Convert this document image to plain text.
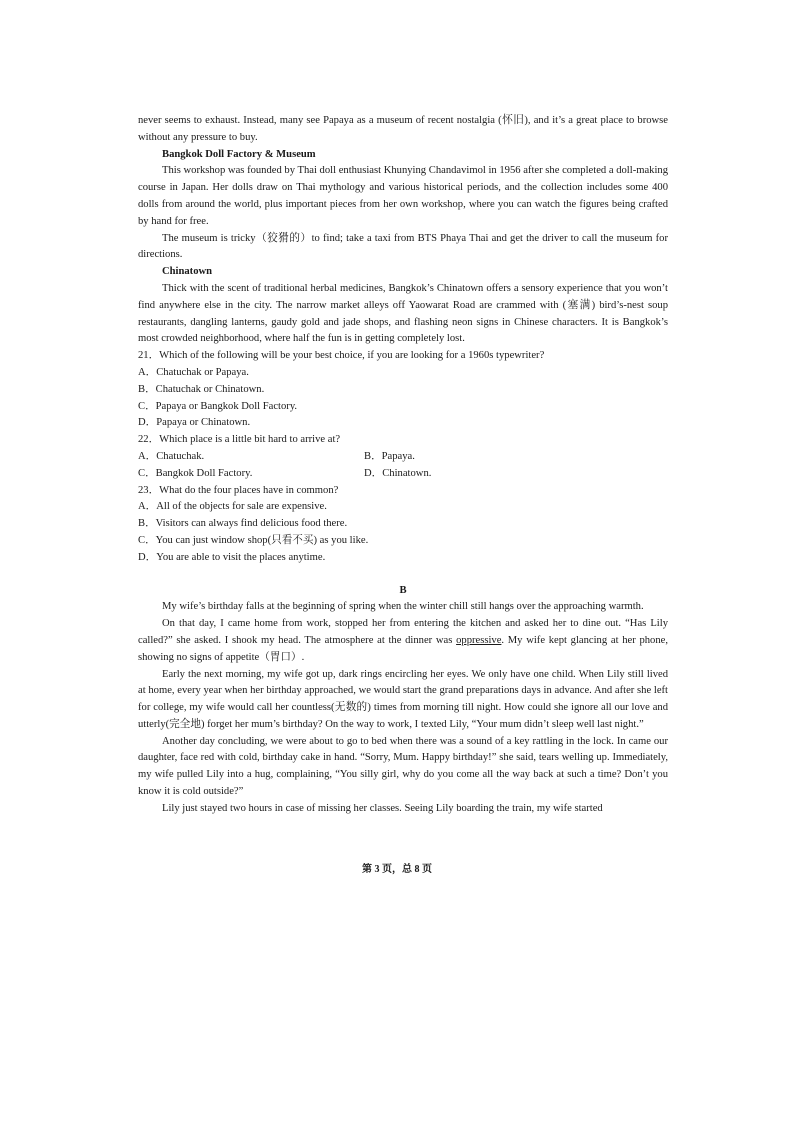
never seems to exhaust. Instead, many see Papaya as a museum of recent nostalgia (怀旧), and it’s a great place to browse without any pressure to buy.

Bangkok Doll Factory & Museum

This workshop was founded by Thai doll enthusiast Khunying Chandavimol in 1956 after she completed a doll-making course in Japan. Her dolls draw on Thai mythology and various historical periods, and the collection includes some 400 dolls from around the world, plus important pieces from her own workshop, where you can watch the figures being crafted by hand for free.

The museum is tricky（狡猾的）to find; take a taxi from BTS Phaya Thai and get the driver to call the museum for directions.

Chinatown

Thick with the scent of traditional herbal medicines, Bangkok’s Chinatown offers a sensory experience that you won’t find anywhere else in the city. The narrow market alleys off Yaowarat Road are crammed with (塞满) bird’s-nest soup restaurants, dangling lanterns, gaudy gold and jade shops, and flashing neon signs in Chinese characters. It is Bangkok’s most crowded neighborhood, where half the fun is in getting completely lost.

21．Which of the following will be your best choice, if you are looking for a 1960s typewriter?

A．Chatuchak or Papaya.

B．Chatuchak or Chinatown.

C．Papaya or Bangkok Doll Factory.

D．Papaya or Chinatown.

22．Which place is a little bit hard to arrive at?

A．Chatuchak.	B．Papaya.

C．Bangkok Doll Factory.	D．Chinatown.

23．What do the four places have in common?

A．All of the objects for sale are expensive.

B．Visitors can always find delicious food there.

C．You can just window shop(只看不买) as you like.

D．You are able to visit the places anytime.

B

My wife’s birthday falls at the beginning of spring when the winter chill still hangs over the approaching warmth.

On that day, I came home from work, stopped her from entering the kitchen and asked her to dine out. “Has Lily called?” she asked. I shook my head. The atmosphere at the dinner was oppressive. My wife kept glancing at her phone, showing no signs of appetite（胃口）.

Early the next morning, my wife got up, dark rings encircling her eyes. We only have one child. When Lily still lived at home, every year when her birthday approached, we would start the grand preparations days in advance. And after she left for college, my wife would call her countless(无数的) times from morning till night. How could she ignore all our love and utterly(完全地) forget her mum’s birthday? On the way to work, I texted Lily, “Your mum didn’t sleep well last night.”

Another day concluding, we were about to go to bed when there was a sound of a key rattling in the lock. In came our daughter, face red with cold, birthday cake in hand. “Sorry, Mum. Happy birthday!” she said, tears welling up. Immediately, my wife pulled Lily into a hug, complaining, “You silly girl, why do you come all the way back at such a time? Don’t you know it is cold outside?”

Lily just stayed two hours in case of missing her classes. Seeing Lily boarding the train, my wife started

第 3 页，总 8 页
